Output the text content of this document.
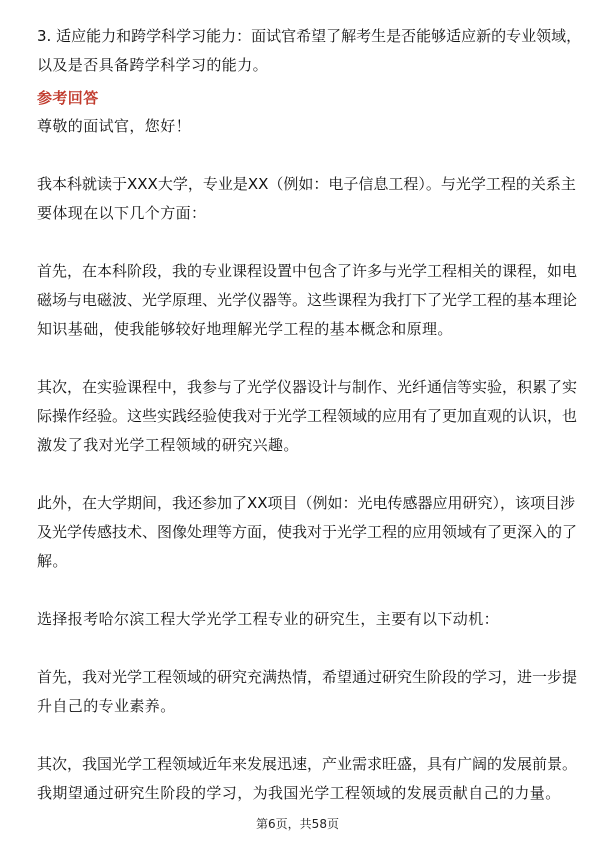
3. 适应能力和跨学科学习能力：面试官希望了解考生是否能够适应新的专业领域，
以及是否具备跨学科学习的能力。
参考回答
尊敬的面试官，您好！
我本科就读于XXX大学，专业是XX（例如：电子信息工程）。与光学工程的关系主
要体现在以下几个方面：
首先，在本科阶段，我的专业课程设置中包含了许多与光学工程相关的课程，如电
磁场与电磁波、光学原理、光学仪器等。这些课程为我打下了光学工程的基本理论
知识基础，使我能够较好地理解光学工程的基本概念和原理。
其次，在实验课程中，我参与了光学仪器设计与制作、光纤通信等实验，积累了实
际操作经验。这些实践经验使我对于光学工程领域的应用有了更加直观的认识，也
激发了我对光学工程领域的研究兴趣。
此外，在大学期间，我还参加了XX项目（例如：光电传感器应用研究），该项目涉
及光学传感技术、图像处理等方面，使我对于光学工程的应用领域有了更深入的了
解。
选择报考哈尔滨工程大学光学工程专业的研究生，主要有以下动机：
首先，我对光学工程领域的研究充满热情，希望通过研究生阶段的学习，进一步提
升自己的专业素养。
其次，我国光学工程领域近年来发展迅速，产业需求旺盛，具有广阔的发展前景。
我期望通过研究生阶段的学习，为我国光学工程领域的发展贡献自己的力量。
第6页，共58页
